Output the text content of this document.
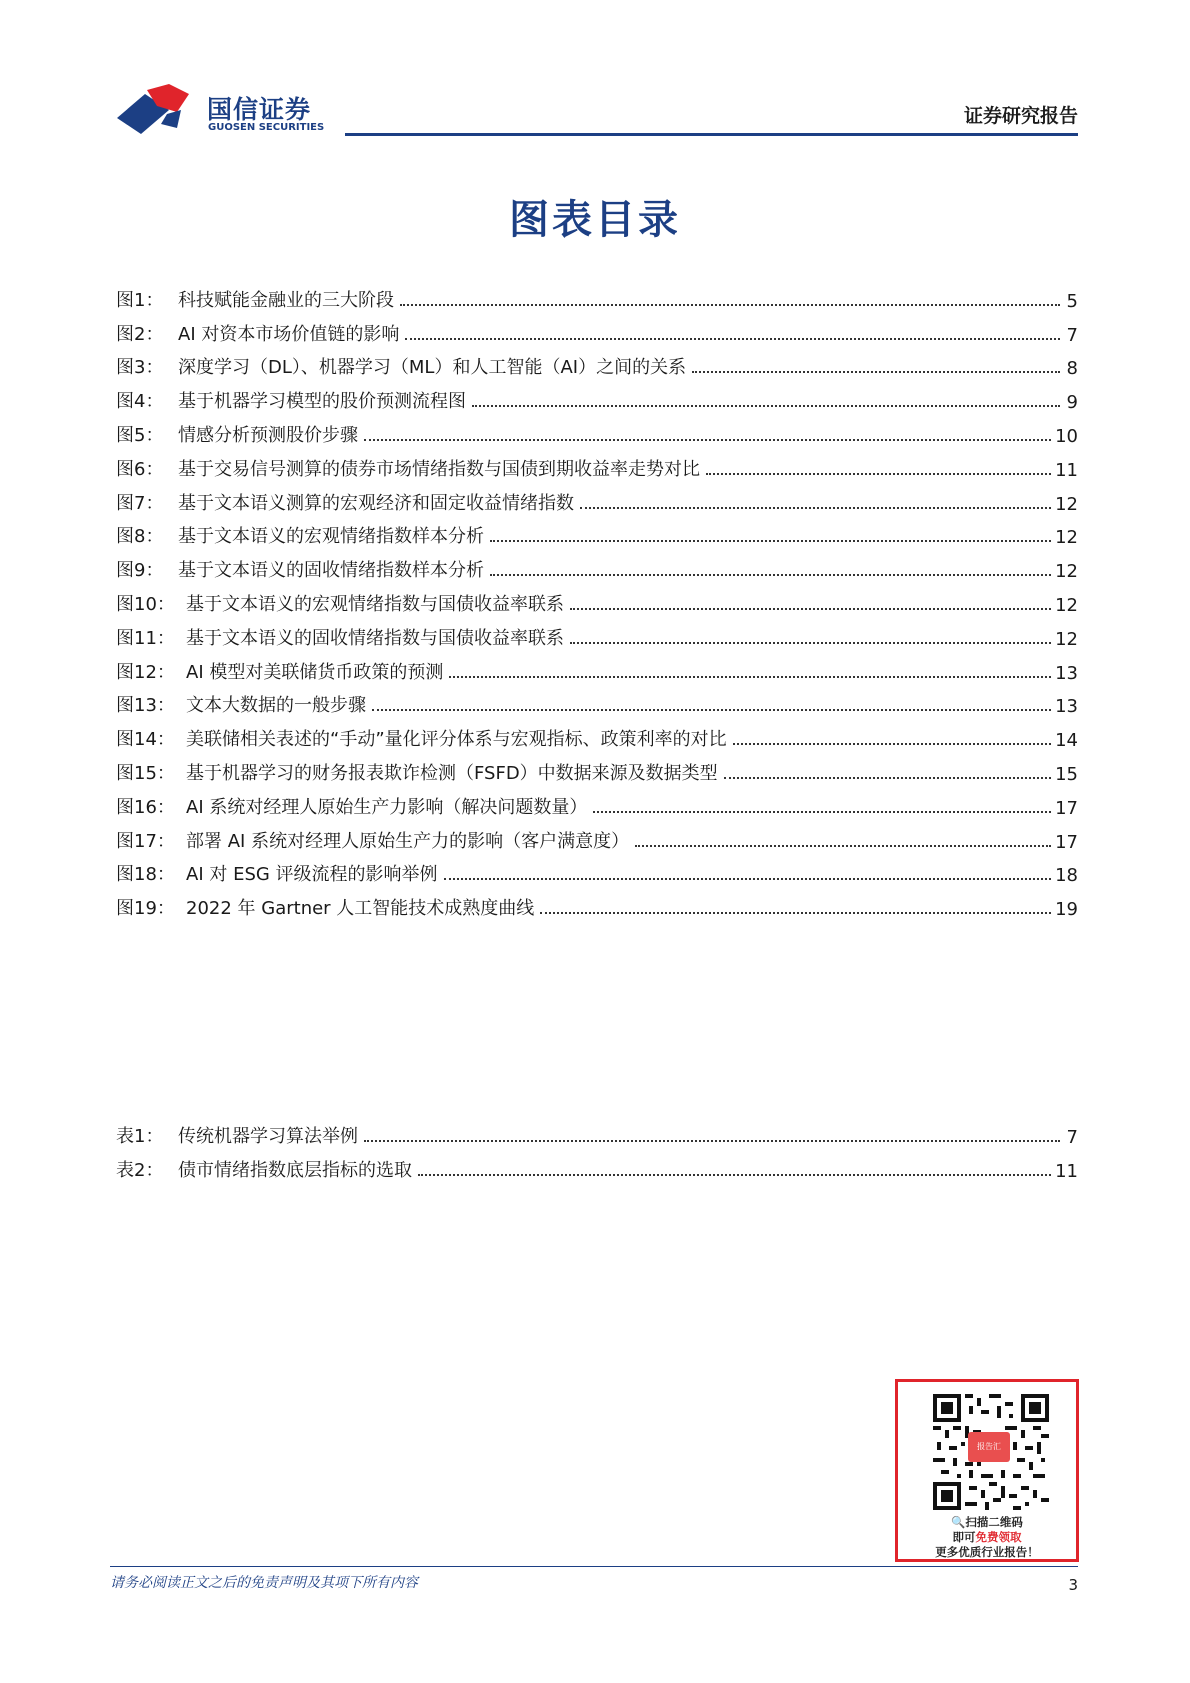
国信证券
GUOSEN SECURITIES
证券研究报告
图表目录
图1： 科技赋能金融业的三大阶段	5
图2： AI 对资本市场价值链的影响	7
图3： 深度学习（DL）、机器学习（ML）和人工智能（AI）之间的关系	8
图4： 基于机器学习模型的股价预测流程图	9
图5： 情感分析预测股价步骤	10
图6： 基于交易信号测算的债券市场情绪指数与国债到期收益率走势对比	11
图7： 基于文本语义测算的宏观经济和固定收益情绪指数	12
图8： 基于文本语义的宏观情绪指数样本分析	12
图9： 基于文本语义的固收情绪指数样本分析	12
图10： 基于文本语义的宏观情绪指数与国债收益率联系	12
图11： 基于文本语义的固收情绪指数与国债收益率联系	12
图12： AI 模型对美联储货币政策的预测	13
图13： 文本大数据的一般步骤	13
图14： 美联储相关表述的“手动”量化评分体系与宏观指标、政策利率的对比	14
图15： 基于机器学习的财务报表欺诈检测（FSFD）中数据来源及数据类型	15
图16： AI 系统对经理人原始生产力影响（解决问题数量）	17
图17： 部署 AI 系统对经理人原始生产力的影响（客户满意度）	17
图18： AI 对 ESG 评级流程的影响举例	18
图19： 2022 年 Gartner 人工智能技术成熟度曲线	19
表1： 传统机器学习算法举例	7
表2： 债市情绪指数底层指标的选取	11
报告汇
🔍扫描二维码
即可免费领取
更多优质行业报告！
请务必阅读正文之后的免责声明及其项下所有内容	3
